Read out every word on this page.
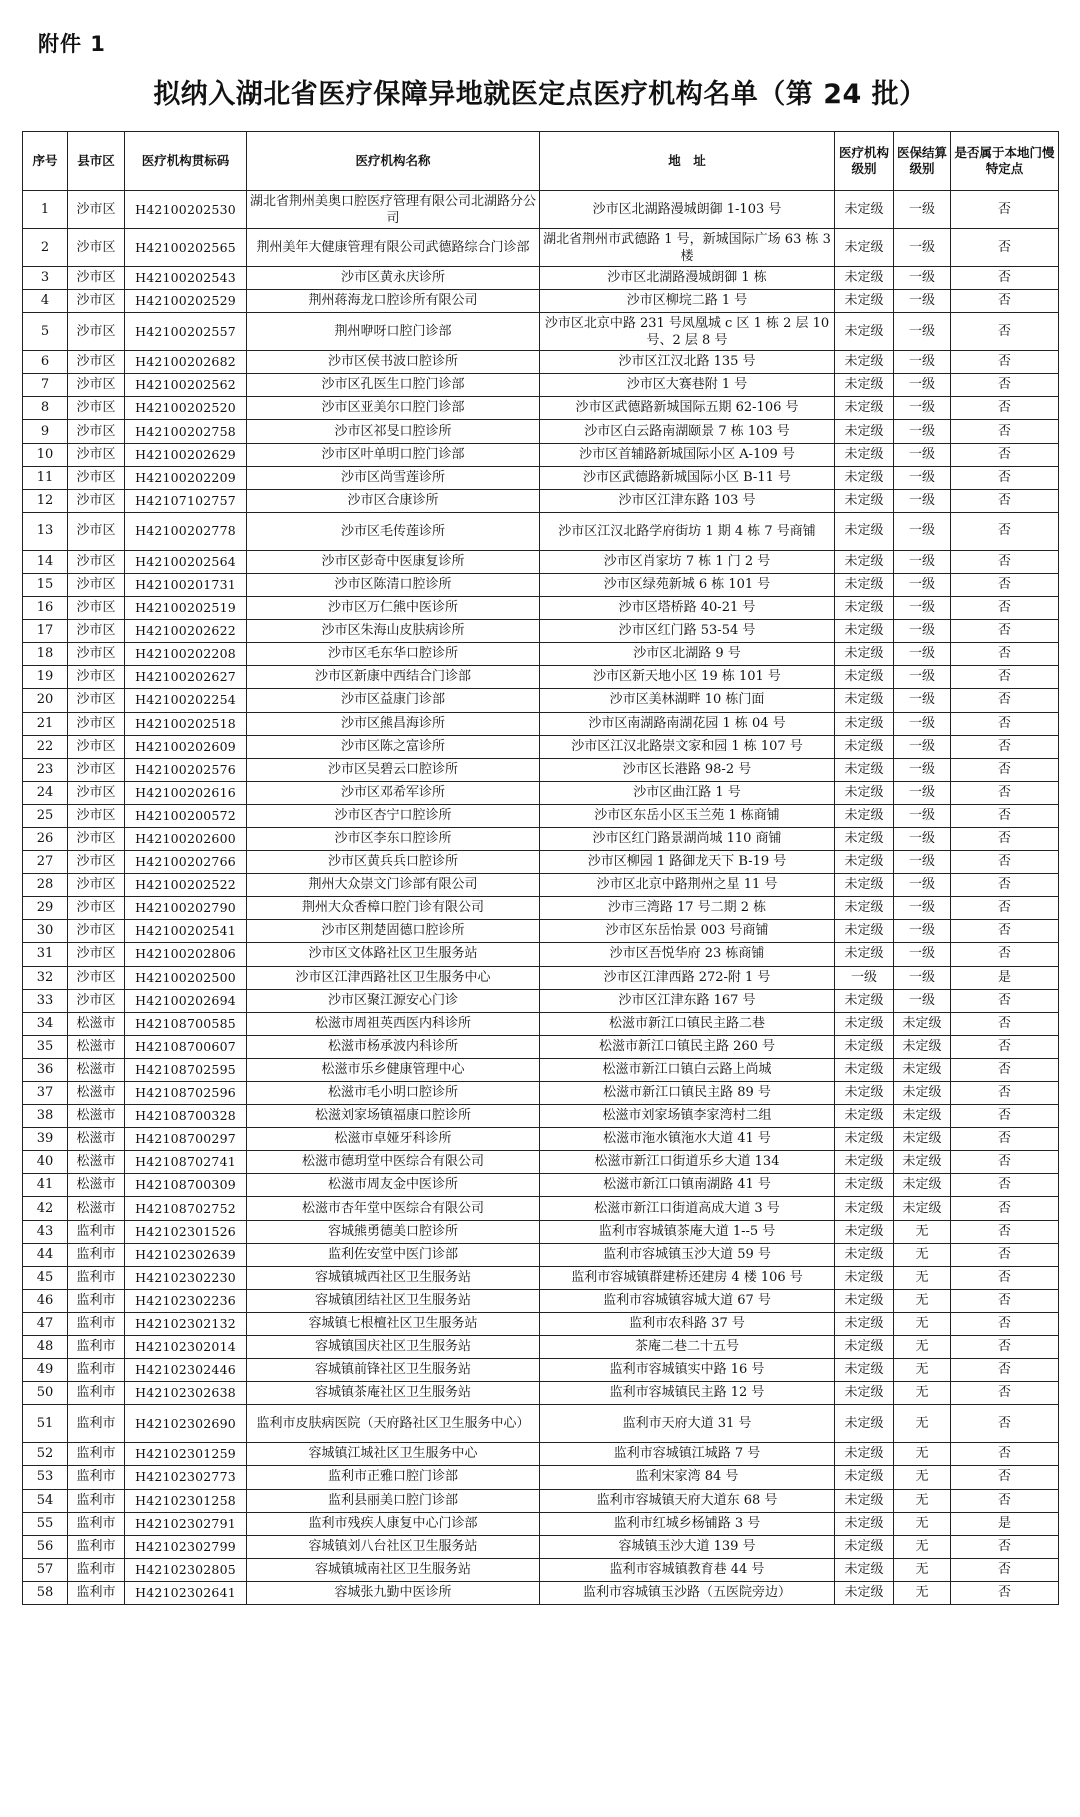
附件 1
拟纳入湖北省医疗保障异地就医定点医疗机构名单（第 24 批）
序号	县市区	医疗机构贯标码	医疗机构名称	地　址	医疗机构级别	医保结算级别	是否属于本地门慢特定点
1	沙市区	H42100202530	湖北省荆州美奥口腔医疗管理有限公司北湖路分公司	沙市区北湖路漫城朗御 1-103 号	未定级	一级	否
2	沙市区	H42100202565	荆州美年大健康管理有限公司武德路综合门诊部	湖北省荆州市武德路 1 号，新城国际广场 63 栋 3 楼	未定级	一级	否
3	沙市区	H42100202543	沙市区黄永庆诊所	沙市区北湖路漫城朗御 1 栋	未定级	一级	否
4	沙市区	H42100202529	荆州蒋海龙口腔诊所有限公司	沙市区柳垸二路 1 号	未定级	一级	否
5	沙市区	H42100202557	荆州咿呀口腔门诊部	沙市区北京中路 231 号凤凰城 c 区 1 栋 2 层 10 号、2 层 8 号	未定级	一级	否
6	沙市区	H42100202682	沙市区侯书波口腔诊所	沙市区江汉北路 135 号	未定级	一级	否
7	沙市区	H42100202562	沙市区孔医生口腔门诊部	沙市区大赛巷附 1 号	未定级	一级	否
8	沙市区	H42100202520	沙市区亚美尔口腔门诊部	沙市区武德路新城国际五期 62-106 号	未定级	一级	否
9	沙市区	H42100202758	沙市区祁旻口腔诊所	沙市区白云路南湖颐景 7 栋 103 号	未定级	一级	否
10	沙市区	H42100202629	沙市区叶单明口腔门诊部	沙市区首辅路新城国际小区 A-109 号	未定级	一级	否
11	沙市区	H42100202209	沙市区尚雪莲诊所	沙市区武德路新城国际小区 B-11 号	未定级	一级	否
12	沙市区	H42107102757	沙市区合康诊所	沙市区江津东路 103 号	未定级	一级	否
13	沙市区	H42100202778	沙市区毛传莲诊所	沙市区江汉北路学府街坊 1 期 4 栋 7 号商铺	未定级	一级	否
14	沙市区	H42100202564	沙市区彭奇中医康复诊所	沙市区肖家坊 7 栋 1 门 2 号	未定级	一级	否
15	沙市区	H42100201731	沙市区陈清口腔诊所	沙市区绿苑新城 6 栋 101 号	未定级	一级	否
16	沙市区	H42100202519	沙市区万仁熊中医诊所	沙市区塔桥路 40-21 号	未定级	一级	否
17	沙市区	H42100202622	沙市区朱海山皮肤病诊所	沙市区红门路 53-54 号	未定级	一级	否
18	沙市区	H42100202208	沙市区毛东华口腔诊所	沙市区北湖路 9 号	未定级	一级	否
19	沙市区	H42100202627	沙市区新康中西结合门诊部	沙市区新天地小区 19 栋 101 号	未定级	一级	否
20	沙市区	H42100202254	沙市区益康门诊部	沙市区美林湖畔 10 栋门面	未定级	一级	否
21	沙市区	H42100202518	沙市区熊昌海诊所	沙市区南湖路南湖花园 1 栋 04 号	未定级	一级	否
22	沙市区	H42100202609	沙市区陈之富诊所	沙市区江汉北路崇文家和园 1 栋 107 号	未定级	一级	否
23	沙市区	H42100202576	沙市区吴碧云口腔诊所	沙市区长港路 98-2 号	未定级	一级	否
24	沙市区	H42100202616	沙市区邓希军诊所	沙市区曲江路 1 号	未定级	一级	否
25	沙市区	H42100200572	沙市区杏宁口腔诊所	沙市区东岳小区玉兰苑 1 栋商铺	未定级	一级	否
26	沙市区	H42100202600	沙市区李东口腔诊所	沙市区红门路景湖尚城 110 商铺	未定级	一级	否
27	沙市区	H42100202766	沙市区黄兵兵口腔诊所	沙市区柳园 1 路御龙天下 B-19 号	未定级	一级	否
28	沙市区	H42100202522	荆州大众崇文门诊部有限公司	沙市区北京中路荆州之星 11 号	未定级	一级	否
29	沙市区	H42100202790	荆州大众香樟口腔门诊有限公司	沙市三湾路 17 号二期 2 栋	未定级	一级	否
30	沙市区	H42100202541	沙市区荆楚固德口腔诊所	沙市区东岳怡景 003 号商铺	未定级	一级	否
31	沙市区	H42100202806	沙市区文体路社区卫生服务站	沙市区吾悦华府 23 栋商铺	未定级	一级	否
32	沙市区	H42100202500	沙市区江津西路社区卫生服务中心	沙市区江津西路 272-附 1 号	一级	一级	是
33	沙市区	H42100202694	沙市区聚江源安心门诊	沙市区江津东路 167 号	未定级	一级	否
34	松滋市	H42108700585	松滋市周祖英西医内科诊所	松滋市新江口镇民主路二巷	未定级	未定级	否
35	松滋市	H42108700607	松滋市杨承波内科诊所	松滋市新江口镇民主路 260 号	未定级	未定级	否
36	松滋市	H42108702595	松滋市乐乡健康管理中心	松滋市新江口镇白云路上尚城	未定级	未定级	否
37	松滋市	H42108702596	松滋市毛小明口腔诊所	松滋市新江口镇民主路 89 号	未定级	未定级	否
38	松滋市	H42108700328	松滋刘家场镇福康口腔诊所	松滋市刘家场镇李家湾村二组	未定级	未定级	否
39	松滋市	H42108700297	松滋市卓娅牙科诊所	松滋市沲水镇沲水大道 41 号	未定级	未定级	否
40	松滋市	H42108702741	松滋市德玥堂中医综合有限公司	松滋市新江口街道乐乡大道 134	未定级	未定级	否
41	松滋市	H42108700309	松滋市周友金中医诊所	松滋市新江口镇南湖路 41 号	未定级	未定级	否
42	松滋市	H42108702752	松滋市杏年堂中医综合有限公司	松滋市新江口街道高成大道 3 号	未定级	未定级	否
43	监利市	H42102301526	容城熊勇德美口腔诊所	监利市容城镇茶庵大道 1--5 号	未定级	无	否
44	监利市	H42102302639	监利佐安堂中医门诊部	监利市容城镇玉沙大道 59 号	未定级	无	否
45	监利市	H42102302230	容城镇城西社区卫生服务站	监利市容城镇群建桥还建房 4 楼 106 号	未定级	无	否
46	监利市	H42102302236	容城镇团结社区卫生服务站	监利市容城镇容城大道 67 号	未定级	无	否
47	监利市	H42102302132	容城镇七根檀社区卫生服务站	监利市农科路 37 号	未定级	无	否
48	监利市	H42102302014	容城镇国庆社区卫生服务站	茶庵二巷二十五号	未定级	无	否
49	监利市	H42102302446	容城镇前锋社区卫生服务站	监利市容城镇实中路 16 号	未定级	无	否
50	监利市	H42102302638	容城镇茶庵社区卫生服务站	监利市容城镇民主路 12 号	未定级	无	否
51	监利市	H42102302690	监利市皮肤病医院（天府路社区卫生服务中心）	监利市天府大道 31 号	未定级	无	否
52	监利市	H42102301259	容城镇江城社区卫生服务中心	监利市容城镇江城路 7 号	未定级	无	否
53	监利市	H42102302773	监利市正雅口腔门诊部	监利宋家湾 84 号	未定级	无	否
54	监利市	H42102301258	监利县丽美口腔门诊部	监利市容城镇天府大道东 68 号	未定级	无	否
55	监利市	H42102302791	监利市残疾人康复中心门诊部	监利市红城乡杨铺路 3 号	未定级	无	是
56	监利市	H42102302799	容城镇刘八台社区卫生服务站	容城镇玉沙大道 139 号	未定级	无	否
57	监利市	H42102302805	容城镇城南社区卫生服务站	监利市容城镇教育巷 44 号	未定级	无	否
58	监利市	H42102302641	容城张九勤中医诊所	监利市容城镇玉沙路（五医院旁边）	未定级	无	否
